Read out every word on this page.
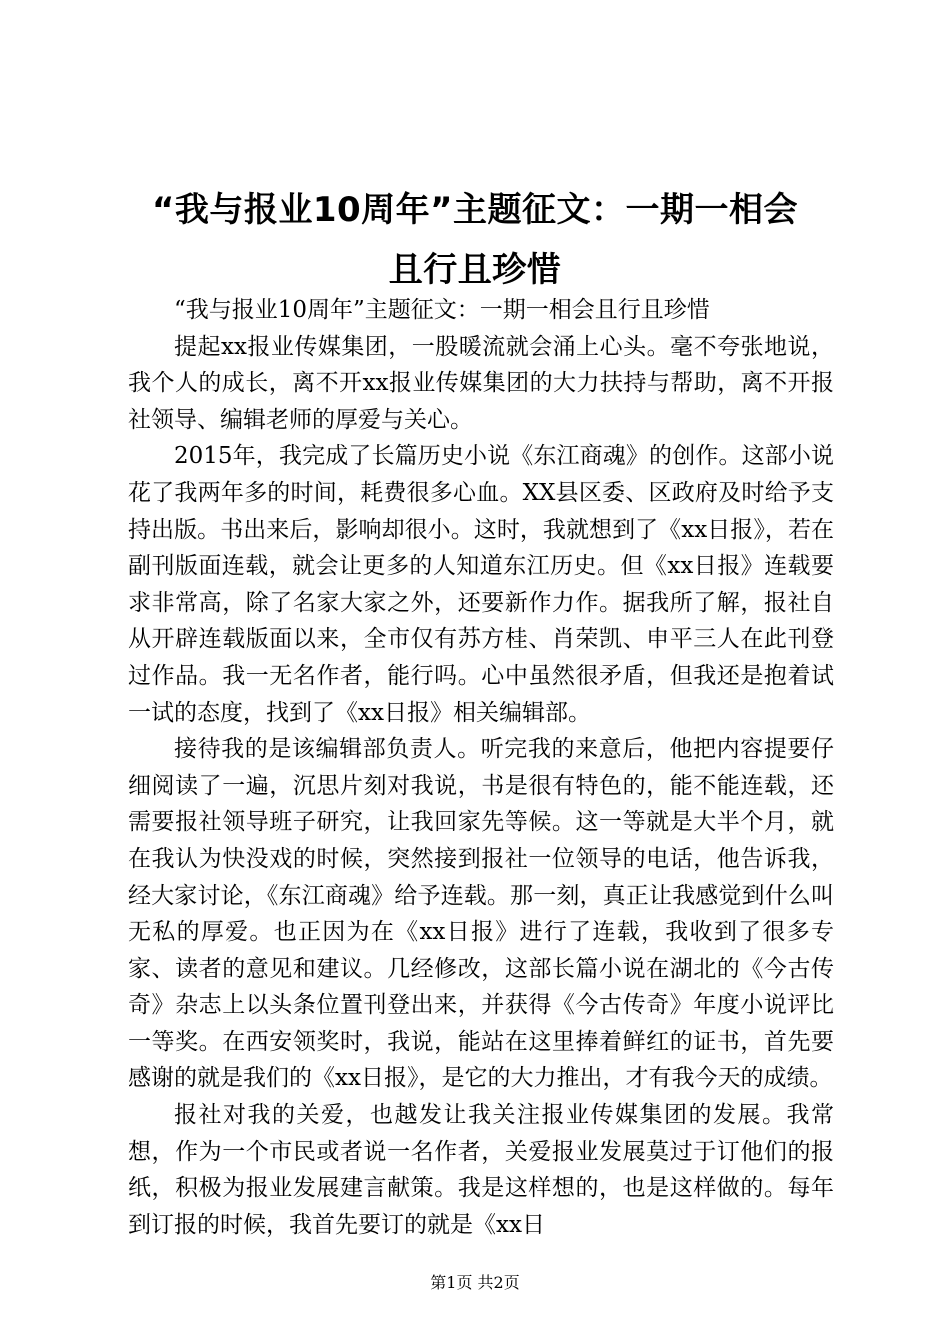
“我与报业10周年”主题征文：一期一相会
且行且珍惜

“我与报业10周年”主题征文：一期一相会且行且珍惜

提起xx报业传媒集团，一股暖流就会涌上心头。毫不夸张地说，我个人的成长，离不开xx报业传媒集团的大力扶持与帮助，离不开报社领导、编辑老师的厚爱与关心。

2015年，我完成了长篇历史小说《东江商魂》的创作。这部小说花了我两年多的时间，耗费很多心血。XX县区委、区政府及时给予支持出版。书出来后，影响却很小。这时，我就想到了《xx日报》，若在副刊版面连载，就会让更多的人知道东江历史。但《xx日报》连载要求非常高，除了名家大家之外，还要新作力作。据我所了解，报社自从开辟连载版面以来，全市仅有苏方桂、肖荣凯、申平三人在此刊登过作品。我一无名作者，能行吗。心中虽然很矛盾，但我还是抱着试一试的态度，找到了《xx日报》相关编辑部。

接待我的是该编辑部负责人。听完我的来意后，他把内容提要仔细阅读了一遍，沉思片刻对我说，书是很有特色的，能不能连载，还需要报社领导班子研究，让我回家先等候。这一等就是大半个月，就在我认为快没戏的时候，突然接到报社一位领导的电话，他告诉我，经大家讨论，《东江商魂》给予连载。那一刻，真正让我感觉到什么叫无私的厚爱。也正因为在《xx日报》进行了连载，我收到了很多专家、读者的意见和建议。几经修改，这部长篇小说在湖北的《今古传奇》杂志上以头条位置刊登出来，并获得《今古传奇》年度小说评比一等奖。在西安领奖时，我说，能站在这里捧着鲜红的证书，首先要感谢的就是我们的《xx日报》，是它的大力推出，才有我今天的成绩。

报社对我的关爱，也越发让我关注报业传媒集团的发展。我常想，作为一个市民或者说一名作者，关爱报业发展莫过于订他们的报纸，积极为报业发展建言献策。我是这样想的，也是这样做的。每年到订报的时候，我首先要订的就是《xx日

第1页 共2页
